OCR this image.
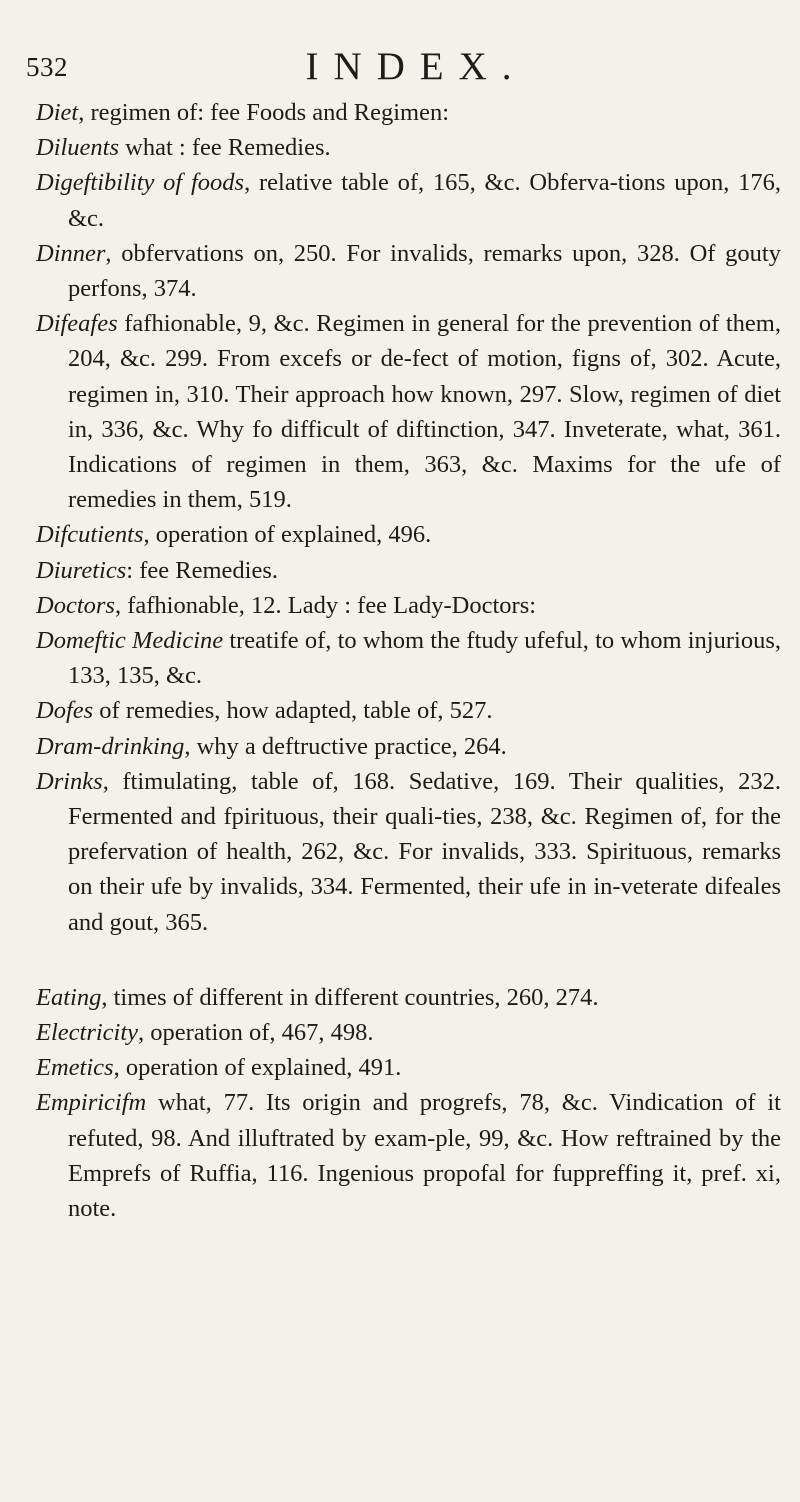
532	INDEX.

Diet, regimen of: fee Foods and Regimen:

Diluents what : fee Remedies.

Digeftibility of foods, relative table of, 165, &c. Obferva-tions upon, 176, &c.

Dinner, obfervations on, 250. For invalids, remarks upon, 328. Of gouty perfons, 374.

Difeafes fafhionable, 9, &c. Regimen in general for the prevention of them, 204, &c. 299. From excefs or de-fect of motion, figns of, 302. Acute, regimen in, 310. Their approach how known, 297. Slow, regimen of diet in, 336, &c. Why fo difficult of diftinction, 347. Inveterate, what, 361. Indications of regimen in them, 363, &c. Maxims for the ufe of remedies in them, 519.

Difcutients, operation of explained, 496.

Diuretics: fee Remedies.

Doctors, fafhionable, 12. Lady : fee Lady-Doctors:

Domeftic Medicine treatife of, to whom the ftudy ufeful, to whom injurious, 133, 135, &c.

Dofes of remedies, how adapted, table of, 527.

Dram-drinking, why a deftructive practice, 264.

Drinks, ftimulating, table of, 168. Sedative, 169. Their qualities, 232. Fermented and fpirituous, their quali-ties, 238, &c. Regimen of, for the prefervation of health, 262, &c. For invalids, 333. Spirituous, remarks on their ufe by invalids, 334. Fermented, their ufe in in-veterate difeales and gout, 365.

Eating, times of different in different countries, 260, 274.

Electricity, operation of, 467, 498.

Emetics, operation of explained, 491.

Empiricifm what, 77. Its origin and progrefs, 78, &c. Vindication of it refuted, 98. And illuftrated by exam-ple, 99, &c. How reftrained by the Emprefs of Ruffia, 116. Ingenious propofal for fuppreffing it, pref. xi, note.
